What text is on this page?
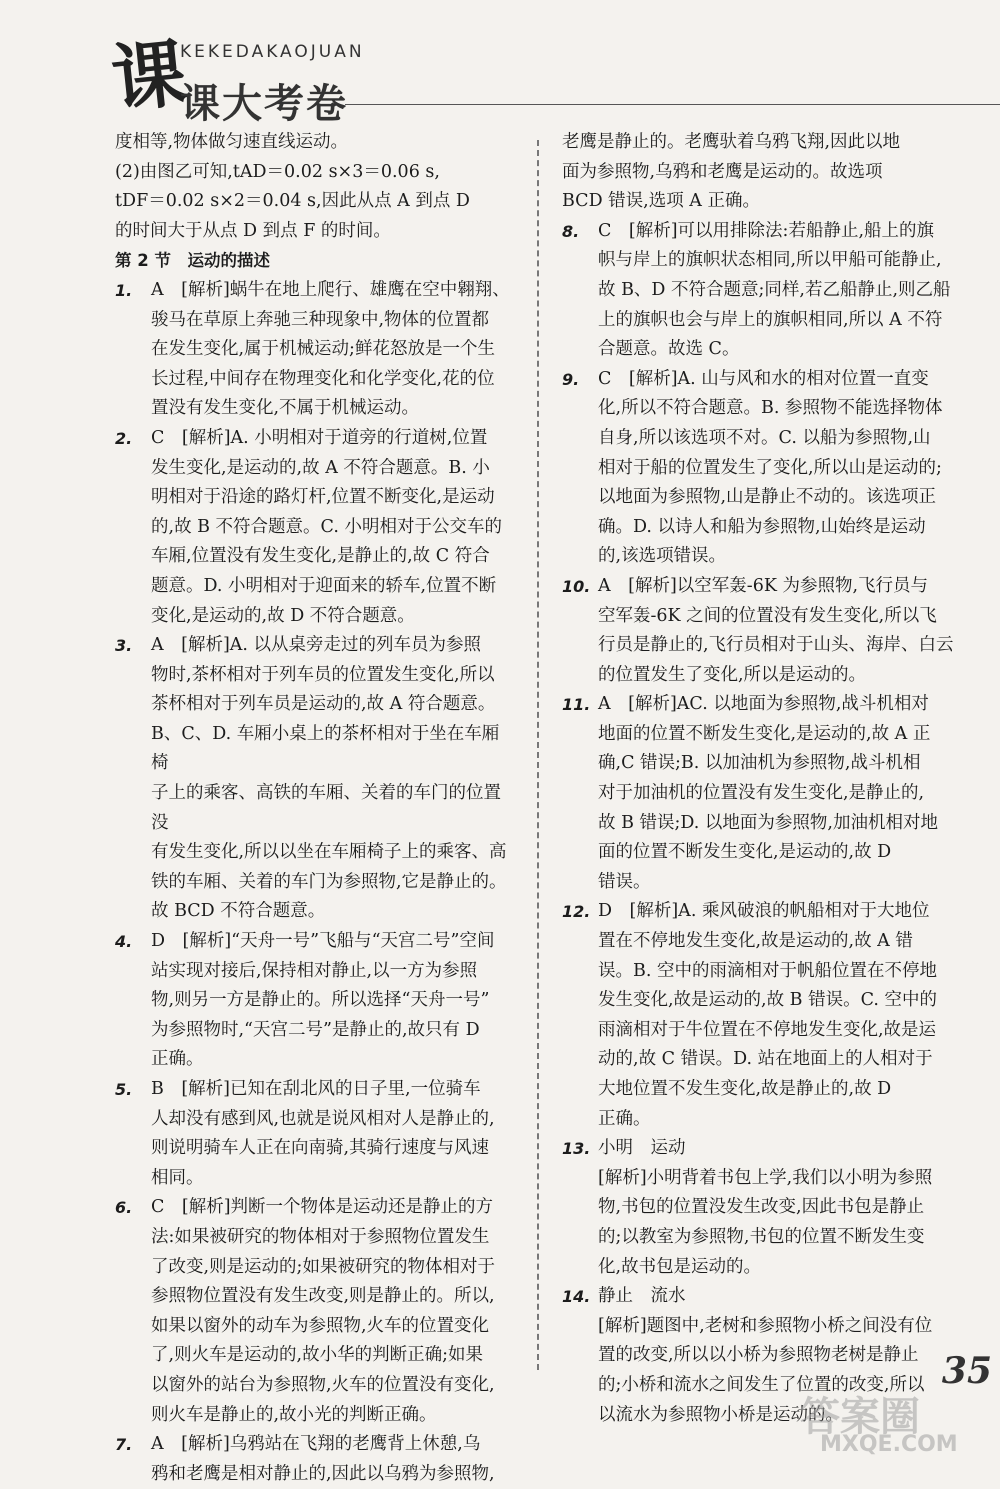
课
KEKEDAKAOJUAN
课大考卷

度相等,物体做匀速直线运动。

(2)由图乙可知,tAD＝0.02 s×3＝0.06 s,

tDF＝0.02 s×2＝0.04 s,因此从点 A 到点 D

的时间大于从点 D 到点 F 的时间。

第 2 节　运动的描述

1. A　[解析]蜗牛在地上爬行、雄鹰在空中翱翔、

骏马在草原上奔驰三种现象中,物体的位置都

在发生变化,属于机械运动;鲜花怒放是一个生

长过程,中间存在物理变化和化学变化,花的位

置没有发生变化,不属于机械运动。

2. C　[解析]A. 小明相对于道旁的行道树,位置

发生变化,是运动的,故 A 不符合题意。B. 小

明相对于沿途的路灯杆,位置不断变化,是运动

的,故 B 不符合题意。C. 小明相对于公交车的

车厢,位置没有发生变化,是静止的,故 C 符合

题意。D. 小明相对于迎面来的轿车,位置不断

变化,是运动的,故 D 不符合题意。

3. A　[解析]A. 以从桌旁走过的列车员为参照

物时,茶杯相对于列车员的位置发生变化,所以

茶杯相对于列车员是运动的,故 A 符合题意。

B、C、D. 车厢小桌上的茶杯相对于坐在车厢椅

子上的乘客、高铁的车厢、关着的车门的位置没

有发生变化,所以以坐在车厢椅子上的乘客、高

铁的车厢、关着的车门为参照物,它是静止的。

故 BCD 不符合题意。

4. D　[解析]“天舟一号”飞船与“天宫二号”空间

站实现对接后,保持相对静止,以一方为参照

物,则另一方是静止的。所以选择“天舟一号”

为参照物时,“天宫二号”是静止的,故只有 D

正确。

5. B　[解析]已知在刮北风的日子里,一位骑车

人却没有感到风,也就是说风相对人是静止的,

则说明骑车人正在向南骑,其骑行速度与风速

相同。

6. C　[解析]判断一个物体是运动还是静止的方

法:如果被研究的物体相对于参照物位置发生

了改变,则是运动的;如果被研究的物体相对于

参照物位置没有发生改变,则是静止的。所以,

如果以窗外的动车为参照物,火车的位置变化

了,则火车是运动的,故小华的判断正确;如果

以窗外的站台为参照物,火车的位置没有变化,

则火车是静止的,故小光的判断正确。

7. A　[解析]乌鸦站在飞翔的老鹰背上休憩,乌

鸦和老鹰是相对静止的,因此以乌鸦为参照物,

老鹰是静止的。老鹰驮着乌鸦飞翔,因此以地

面为参照物,乌鸦和老鹰是运动的。故选项

BCD 错误,选项 A 正确。

8. C　[解析]可以用排除法:若船静止,船上的旗

帜与岸上的旗帜状态相同,所以甲船可能静止,

故 B、D 不符合题意;同样,若乙船静止,则乙船

上的旗帜也会与岸上的旗帜相同,所以 A 不符

合题意。故选 C。

9. C　[解析]A. 山与风和水的相对位置一直变

化,所以不符合题意。B. 参照物不能选择物体

自身,所以该选项不对。C. 以船为参照物,山

相对于船的位置发生了变化,所以山是运动的;

以地面为参照物,山是静止不动的。该选项正

确。D. 以诗人和船为参照物,山始终是运动

的,该选项错误。

10. A　[解析]以空军轰-6K 为参照物,飞行员与

空军轰-6K 之间的位置没有发生变化,所以飞

行员是静止的,飞行员相对于山头、海岸、白云

的位置发生了变化,所以是运动的。

11. A　[解析]AC. 以地面为参照物,战斗机相对

地面的位置不断发生变化,是运动的,故 A 正

确,C 错误;B. 以加油机为参照物,战斗机相

对于加油机的位置没有发生变化,是静止的,

故 B 错误;D. 以地面为参照物,加油机相对地

面的位置不断发生变化,是运动的,故 D

错误。

12. D　[解析]A. 乘风破浪的帆船相对于大地位

置在不停地发生变化,故是运动的,故 A 错

误。B. 空中的雨滴相对于帆船位置在不停地

发生变化,故是运动的,故 B 错误。C. 空中的

雨滴相对于牛位置在不停地发生变化,故是运

动的,故 C 错误。D. 站在地面上的人相对于

大地位置不发生变化,故是静止的,故 D

正确。

13. 小明　运动

[解析]小明背着书包上学,我们以小明为参照

物,书包的位置没发生改变,因此书包是静止

的;以教室为参照物,书包的位置不断发生变

化,故书包是运动的。

14. 静止　流水

[解析]题图中,老树和参照物小桥之间没有位

置的改变,所以以小桥为参照物老树是静止

的;小桥和流水之间发生了位置的改变,所以

以流水为参照物小桥是运动的。

35
答案圈
MXQE.COM
